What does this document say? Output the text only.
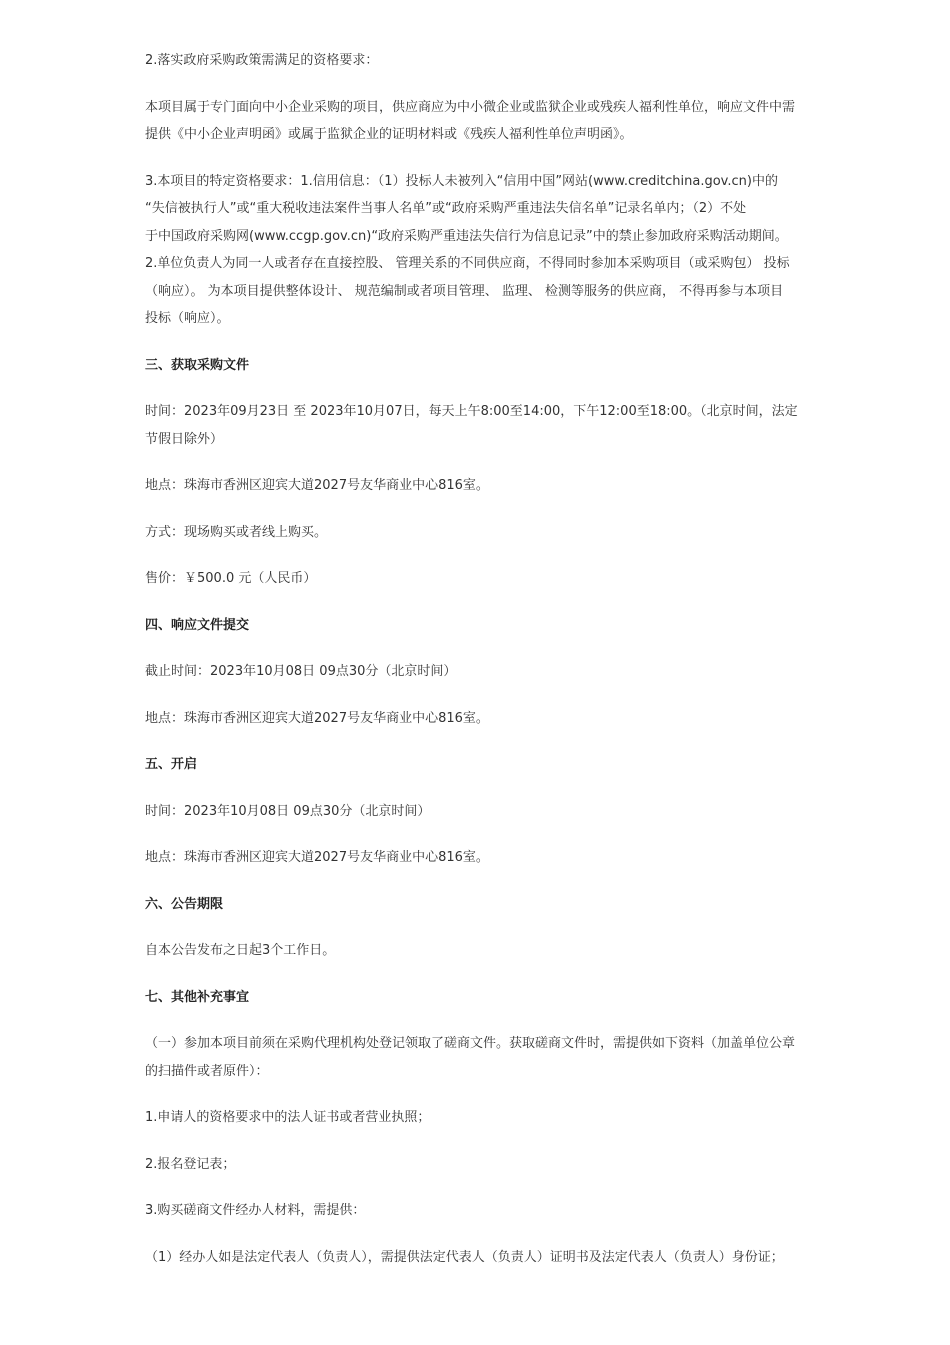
2.落实政府采购政策需满足的资格要求：

本项目属于专门面向中小企业采购的项目，供应商应为中小微企业或监狱企业或残疾人福利性单位，响应文件中需
提供《中小企业声明函》或属于监狱企业的证明材料或《残疾人福利性单位声明函》。

3.本项目的特定资格要求：1.信用信息：（1）投标人未被列入“信用中国”网站(www.creditchina.gov.cn)中的
“失信被执行人”或“重大税收违法案件当事人名单”或“政府采购严重违法失信名单”记录名单内；（2）不处
于中国政府采购网(www.ccgp.gov.cn)“政府采购严重违法失信行为信息记录”中的禁止参加政府采购活动期间。
2.单位负责人为同一人或者存在直接控股、 管理关系的不同供应商，不得同时参加本采购项目（或采购包） 投标
（响应）。 为本项目提供整体设计、 规范编制或者项目管理、 监理、 检测等服务的供应商， 不得再参与本项目
投标（响应）。

三、获取采购文件

时间：2023年09月23日 至 2023年10月07日，每天上午8:00至14:00，下午12:00至18:00。（北京时间，法定
节假日除外）

地点：珠海市香洲区迎宾大道2027号友华商业中心816室。

方式：现场购买或者线上购买。

售价：￥500.0 元（人民币）

四、响应文件提交

截止时间：2023年10月08日 09点30分（北京时间）

地点：珠海市香洲区迎宾大道2027号友华商业中心816室。

五、开启

时间：2023年10月08日 09点30分（北京时间）

地点：珠海市香洲区迎宾大道2027号友华商业中心816室。

六、公告期限

自本公告发布之日起3个工作日。

七、其他补充事宜

（一）参加本项目前须在采购代理机构处登记领取了磋商文件。获取磋商文件时，需提供如下资料（加盖单位公章
的扫描件或者原件）：

1.申请人的资格要求中的法人证书或者营业执照；

2.报名登记表；

3.购买磋商文件经办人材料，需提供：

（1）经办人如是法定代表人（负责人），需提供法定代表人（负责人）证明书及法定代表人（负责人）身份证；
